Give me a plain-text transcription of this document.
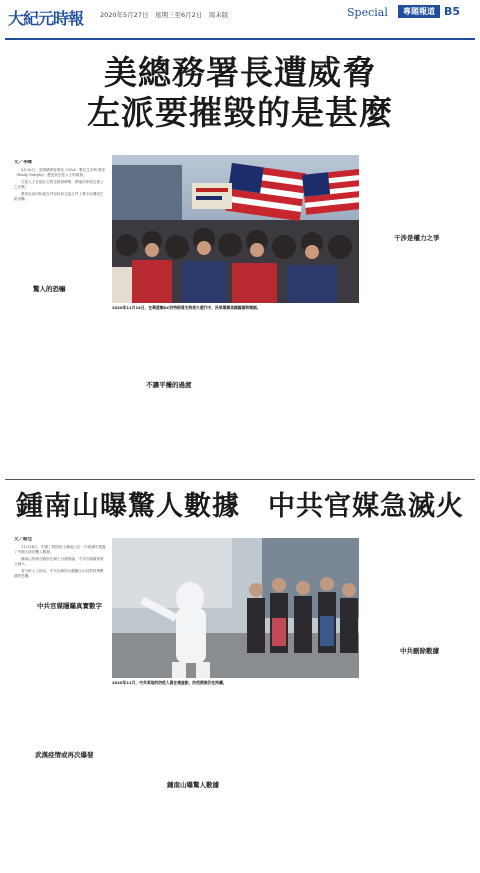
大紀元時報	2020年5月27日　星期三至6月2日　周末版	Special	專題報道 B5
美總務署長遭威脅
左派要摧毀的是甚麼
2020年11月14日，在華盛頓DC的特朗普支持者大遊行中，民眾舉着美國國旗和標語。

文／李緣

5月26日，美國總務管理局（GSA）署長艾米利·墨菲（Emily Murphy）遭受到左派人士的威脅。

左派人士在她住宅附近散發傳單，將她的家庭住址公之於眾。

墨菲此前因拒絕在拜登政府交接文件上簽字而遭到左派攻擊。

驚人的恐嚇
不讓平穩的過渡
干涉是權力之爭
鍾南山曝驚人數據　中共官媒急滅火

文／駱亞

11月24日，中國工程院院士鍾南山在一次演講中透露了中國大陸的驚人數據。

鍾南山的發言隨即在網上引發熱議，中共官媒隨即發文滅火。

有分析人士指出，中共官媒的反應顯示出其對真實數據的恐懼。

中共官媒隱瞞真實數字
武漢疫情或再次爆發
2020年11月，中共某地的防疫人員在檢查點，防疫措施仍在持續。
鍾南山曝驚人數據
中共刪除數據
